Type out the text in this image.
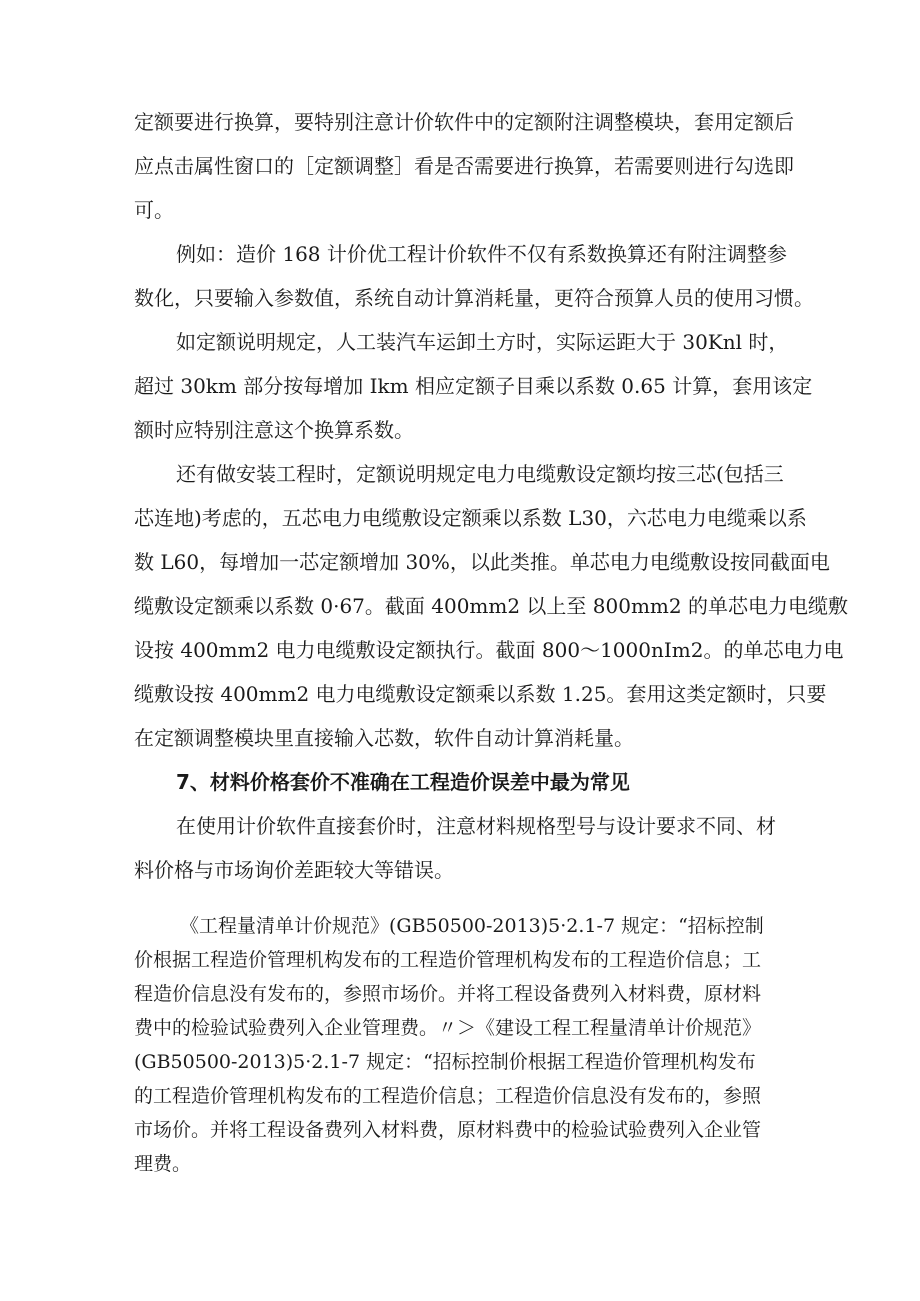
定额要进行换算，要特别注意计价软件中的定额附注调整模块，套用定额后
应点击属性窗口的［定额调整］看是否需要进行换算，若需要则进行勾选即
可。
例如：造价 168 计价优工程计价软件不仅有系数换算还有附注调整参
数化，只要输入参数值，系统自动计算消耗量，更符合预算人员的使用习惯。
如定额说明规定，人工装汽车运卸土方时，实际运距大于 30Knl 时，
超过 30km 部分按每增加 Ikm 相应定额子目乘以系数 0.65 计算，套用该定
额时应特别注意这个换算系数。
还有做安装工程时，定额说明规定电力电缆敷设定额均按三芯(包括三
芯连地)考虑的，五芯电力电缆敷设定额乘以系数 L30，六芯电力电缆乘以系
数 L60，每增加一芯定额增加 30%，以此类推。单芯电力电缆敷设按同截面电
缆敷设定额乘以系数 0·67。截面 400mm2 以上至 800mm2 的单芯电力电缆敷
设按 400mm2 电力电缆敷设定额执行。截面 800～1000nIm2。的单芯电力电
缆敷设按 400mm2 电力电缆敷设定额乘以系数 1.25。套用这类定额时，只要
在定额调整模块里直接输入芯数，软件自动计算消耗量。
7、材料价格套价不准确在工程造价误差中最为常见
在使用计价软件直接套价时，注意材料规格型号与设计要求不同、材
料价格与市场询价差距较大等错误。
《工程量清单计价规范》(GB50500-2013)5·2.1-7 规定：“招标控制
价根据工程造价管理机构发布的工程造价管理机构发布的工程造价信息；工
程造价信息没有发布的，参照市场价。并将工程设备费列入材料费，原材料
费中的检验试验费列入企业管理费。〃＞《建设工程工程量清单计价规范》
(GB50500-2013)5·2.1-7 规定：“招标控制价根据工程造价管理机构发布
的工程造价管理机构发布的工程造价信息；工程造价信息没有发布的，参照
市场价。并将工程设备费列入材料费，原材料费中的检验试验费列入企业管
理费。
